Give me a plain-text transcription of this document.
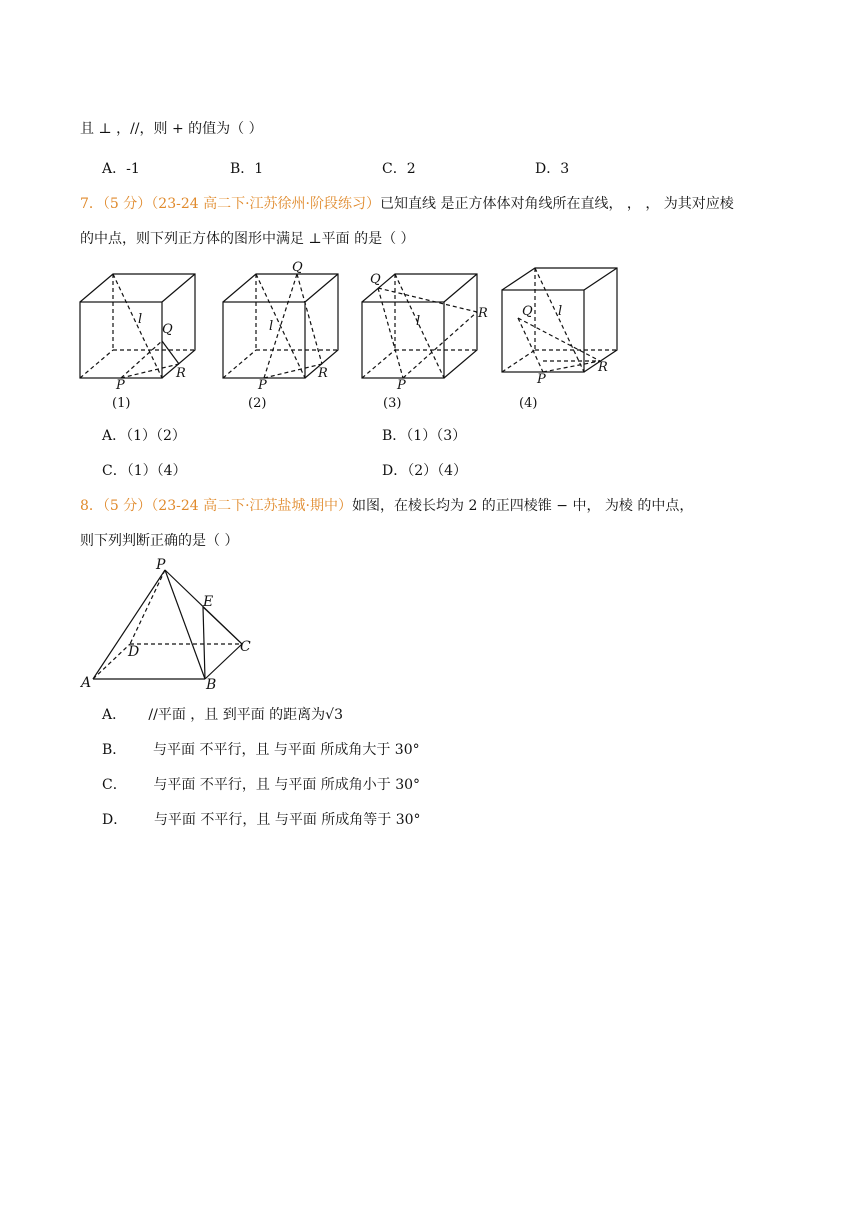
且 ⊥ ，//，则 + 的值为（ ）
A．-1	B．1	C．2	D．3
7．（5 分）（23-24 高二下·江苏徐州·阶段练习）已知直线 是正方体体对角线所在直线， ， ， 为其对应棱
的中点，则下列正方体的图形中满足 ⊥平面 的是（ ）
l
Q
R
P
(1)
l
Q
R
P
(2)
l
Q
R
P
(3)
l
Q
R
P
(4)
A．（1）（2）	B．（1）（3）
C．（1）（4）	D．（2）（4）
8．（5 分）（23-24 高二下·江苏盐城·期中）如图，在棱长均为 2 的正四棱锥 − 中， 为棱 的中点，
则下列判断正确的是（ ）
P
E
C
D
A	B
A． //平面 ，且 到平面 的距离为√3
B． 与平面 不平行，且 与平面 所成角大于 30°
C． 与平面 不平行，且 与平面 所成角小于 30°
D． 与平面 不平行，且 与平面 所成角等于 30°
